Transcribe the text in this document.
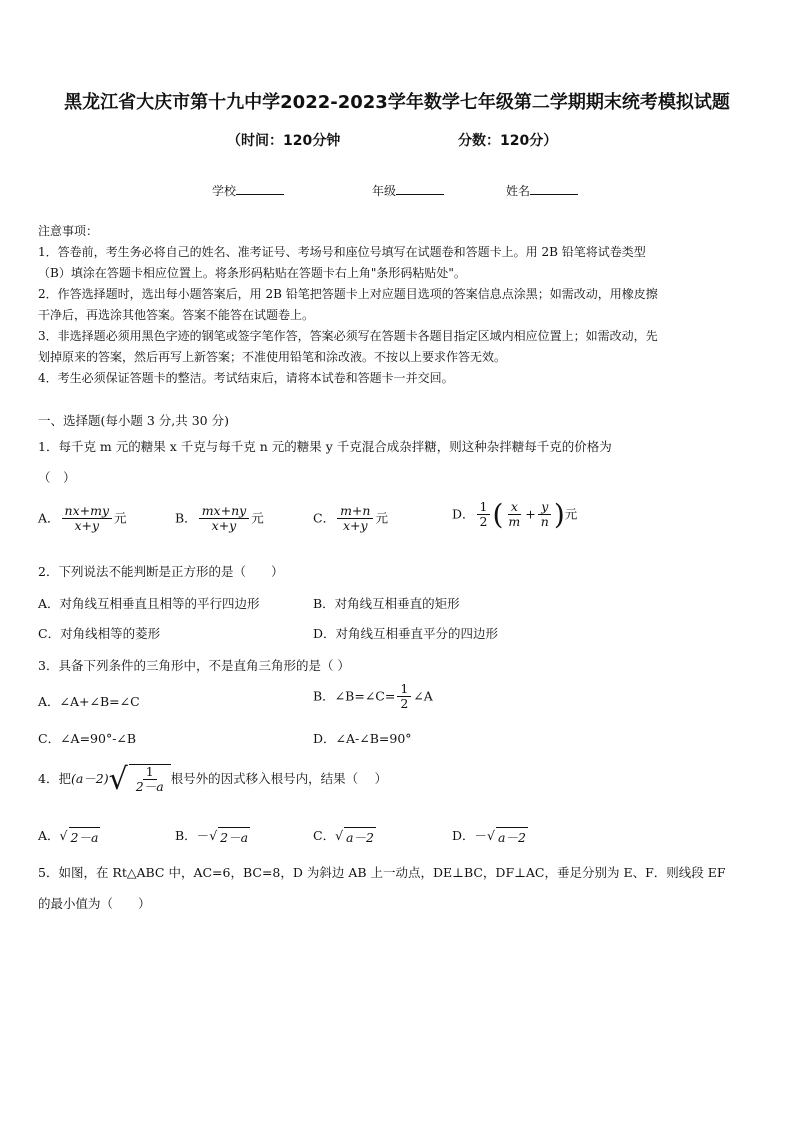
黑龙江省大庆市第十九中学2022-2023学年数学七年级第二学期期末统考模拟试题
（时间：120分钟	分数：120分）
学校	年级	姓名
注意事项：
1．答卷前，考生务必将自己的姓名、准考证号、考场号和座位号填写在试题卷和答题卡上。用 2B 铅笔将试卷类型
（B）填涂在答题卡相应位置上。将条形码粘贴在答题卡右上角"条形码粘贴处"。
2．作答选择题时，选出每小题答案后，用 2B 铅笔把答题卡上对应题目选项的答案信息点涂黑；如需改动，用橡皮擦
干净后，再选涂其他答案。答案不能答在试题卷上。
3．非选择题必须用黑色字迹的钢笔或签字笔作答，答案必须写在答题卡各题目指定区域内相应位置上；如需改动，先
划掉原来的答案，然后再写上新答案；不准使用铅笔和涂改液。不按以上要求作答无效。
4．考生必须保证答题卡的整洁。考试结束后，请将本试卷和答题卡一并交回。
一、选择题(每小题 3 分,共 30 分)
1．每千克 m 元的糖果 x 千克与每千克 n 元的糖果 y 千克混合成杂拌糖，则这种杂拌糖每千克的价格为
（　）
A． $\frac{nx+my}{x+y}$ 元	B． $\frac{mx+ny}{x+y}$ 元	C． $\frac{m+n}{x+y}$ 元	D． $\frac{1}{2}$ ( $\frac{x}{m} + \frac{y}{n}$ )元
2．下列说法不能判断是正方形的是（　　）
A．对角线互相垂直且相等的平行四边形	B．对角线互相垂直的矩形
C．对角线相等的菱形	D．对角线互相垂直平分的四边形
3．具备下列条件的三角形中，不是直角三角形的是（ ）
A．∠A+∠B=∠C	B．∠B=∠C= $\frac{1}{2}$ ∠A
C．∠A=90°-∠B	D．∠A-∠B=90°
4．把$(a-2)√ \frac{1}{2-a}$ 根号外的因式移入根号内，结果（　 ）
A．√ 2－a	B．－√ 2－a	C．√ a－2	D．－√ a－2
5．如图，在 Rt△ABC 中，AC=6，BC=8，D 为斜边 AB 上一动点，DE⊥BC，DF⊥AC，垂足分别为 E、F．则线段 EF
的最小值为（　　）
